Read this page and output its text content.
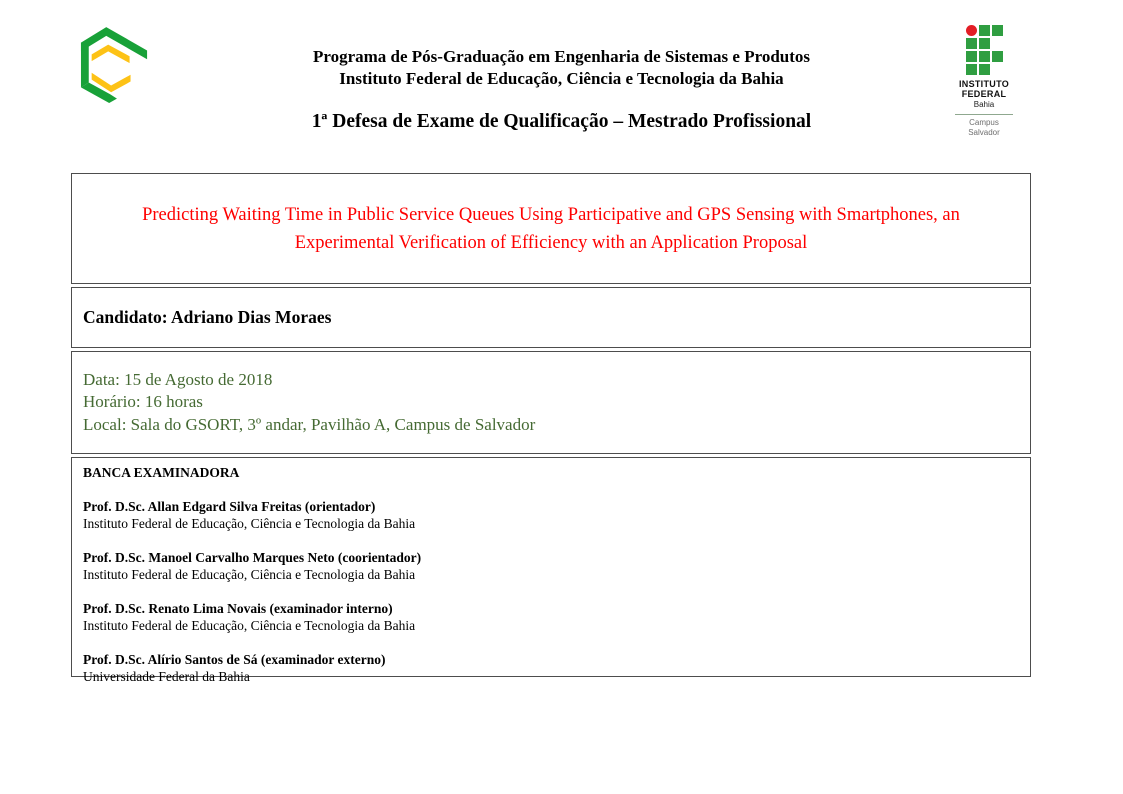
Programa de Pós-Graduação em Engenharia de Sistemas e Produtos
Instituto Federal de Educação, Ciência e Tecnologia da Bahia
1ª Defesa de Exame de Qualificação – Mestrado Profissional
INSTITUTO
FEDERAL
Bahia
Campus
Salvador

Predicting Waiting Time in Public Service Queues Using Participative and GPS Sensing with Smartphones, an Experimental Verification of Efficiency with an Application Proposal

Candidato: Adriano Dias Moraes

Data: 15 de Agosto de 2018

Horário: 16 horas

Local: Sala do GSORT, 3º andar, Pavilhão A, Campus de Salvador

BANCA EXAMINADORA

Prof. D.Sc. Allan Edgard Silva Freitas (orientador)

Instituto Federal de Educação, Ciência e Tecnologia da Bahia

Prof. D.Sc. Manoel Carvalho Marques Neto (coorientador)

Instituto Federal de Educação, Ciência e Tecnologia da Bahia

Prof. D.Sc. Renato Lima Novais (examinador interno)

Instituto Federal de Educação, Ciência e Tecnologia da Bahia

Prof. D.Sc. Alírio Santos de Sá (examinador externo)

Universidade Federal da Bahia
